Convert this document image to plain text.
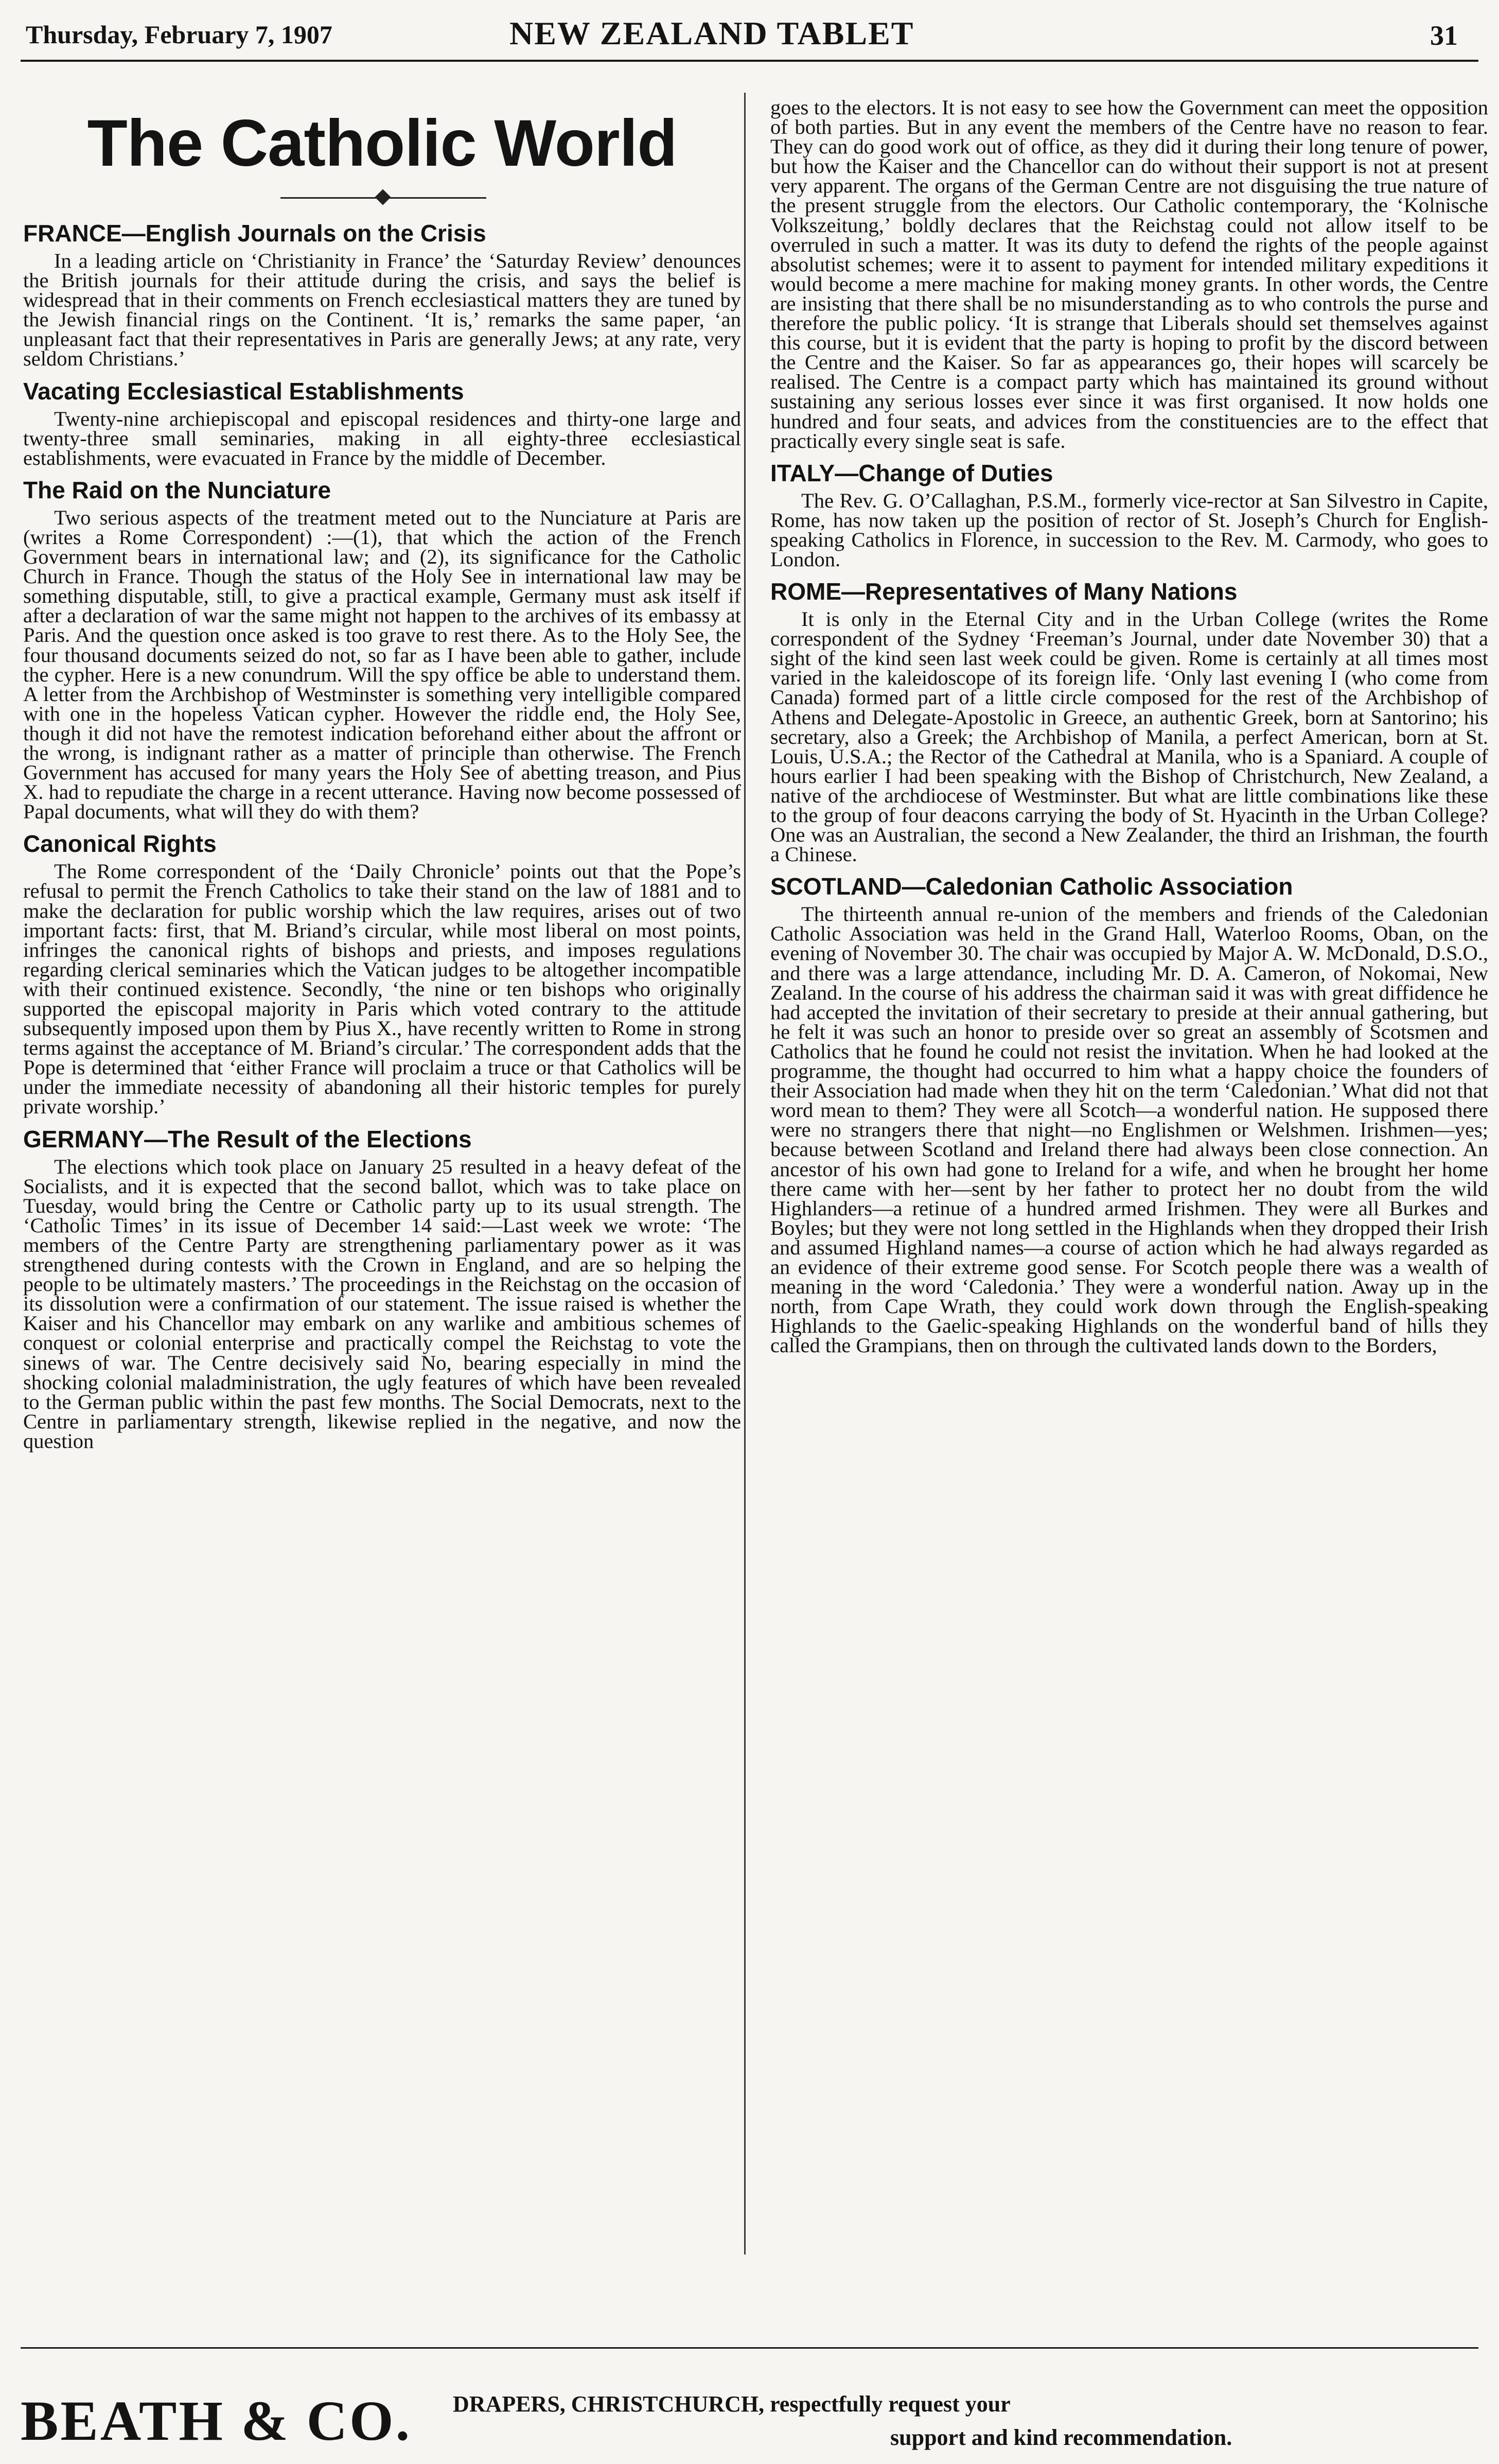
Thursday, February 7, 1907	NEW ZEALAND TABLET	31
The Catholic World
FRANCE—English Journals on the Crisis

In a leading article on ‘Christianity in France’ the ‘Saturday Review’ denounces the British journals for their attitude during the crisis, and says the belief is widespread that in their comments on French ecclesiastical matters they are tuned by the Jewish financial rings on the Continent. ‘It is,’ remarks the same paper, ‘an unpleasant fact that their representatives in Paris are generally Jews; at any rate, very seldom Christians.’

Vacating Ecclesiastical Establishments

Twenty-nine archiepiscopal and episcopal residences and thirty-one large and twenty-three small seminaries, making in all eighty-three ecclesiastical establishments, were evacuated in France by the middle of December.

The Raid on the Nunciature

Two serious aspects of the treatment meted out to the Nunciature at Paris are (writes a Rome Correspondent) :—(1), that which the action of the French Government bears in international law; and (2), its significance for the Catholic Church in France. Though the status of the Holy See in international law may be something disputable, still, to give a practical example, Germany must ask itself if after a declaration of war the same might not happen to the archives of its embassy at Paris. And the question once asked is too grave to rest there. As to the Holy See, the four thousand documents seized do not, so far as I have been able to gather, include the cypher. Here is a new conundrum. Will the spy office be able to understand them. A letter from the Archbishop of Westminster is something very intelligible compared with one in the hopeless Vatican cypher. However the riddle end, the Holy See, though it did not have the remotest indication beforehand either about the affront or the wrong, is indignant rather as a matter of principle than otherwise. The French Government has accused for many years the Holy See of abetting treason, and Pius X. had to repudiate the charge in a recent utterance. Having now become possessed of Papal documents, what will they do with them?

Canonical Rights

The Rome correspondent of the ‘Daily Chronicle’ points out that the Pope’s refusal to permit the French Catholics to take their stand on the law of 1881 and to make the declaration for public worship which the law requires, arises out of two important facts: first, that M. Briand’s circular, while most liberal on most points, infringes the canonical rights of bishops and priests, and imposes regulations regarding clerical seminaries which the Vatican judges to be altogether incompatible with their continued existence. Secondly, ‘the nine or ten bishops who originally supported the episcopal majority in Paris which voted contrary to the attitude subsequently imposed upon them by Pius X., have recently written to Rome in strong terms against the acceptance of M. Briand’s circular.’ The correspondent adds that the Pope is determined that ‘either France will proclaim a truce or that Catholics will be under the immediate necessity of abandoning all their historic temples for purely private worship.’

GERMANY—The Result of the Elections

The elections which took place on January 25 resulted in a heavy defeat of the Socialists, and it is expected that the second ballot, which was to take place on Tuesday, would bring the Centre or Catholic party up to its usual strength. The ‘Catholic Times’ in its issue of December 14 said:—Last week we wrote: ‘The members of the Centre Party are strengthening parliamentary power as it was strengthened during contests with the Crown in England, and are so helping the people to be ultimately masters.’ The proceedings in the Reichstag on the occasion of its dissolution were a confirmation of our statement. The issue raised is whether the Kaiser and his Chancellor may embark on any warlike and ambitious schemes of conquest or colonial enterprise and practically compel the Reichstag to vote the sinews of war. The Centre decisively said No, bearing especially in mind the shocking colonial maladministration, the ugly features of which have been revealed to the German public within the past few months. The Social Democrats, next to the Centre in parliamentary strength, likewise replied in the negative, and now the question

goes to the electors. It is not easy to see how the Government can meet the opposition of both parties. But in any event the members of the Centre have no reason to fear. They can do good work out of office, as they did it during their long tenure of power, but how the Kaiser and the Chancellor can do without their support is not at present very apparent. The organs of the German Centre are not disguising the true nature of the present struggle from the electors. Our Catholic contemporary, the ‘Kolnische Volkszeitung,’ boldly declares that the Reichstag could not allow itself to be overruled in such a matter. It was its duty to defend the rights of the people against absolutist schemes; were it to assent to payment for intended military expeditions it would become a mere machine for making money grants. In other words, the Centre are insisting that there shall be no misunderstanding as to who controls the purse and therefore the public policy. ‘It is strange that Liberals should set themselves against this course, but it is evident that the party is hoping to profit by the discord between the Centre and the Kaiser. So far as appearances go, their hopes will scarcely be realised. The Centre is a compact party which has maintained its ground without sustaining any serious losses ever since it was first organised. It now holds one hundred and four seats, and advices from the constituencies are to the effect that practically every single seat is safe.

ITALY—Change of Duties

The Rev. G. O’Callaghan, P.S.M., formerly vice-rector at San Silvestro in Capite, Rome, has now taken up the position of rector of St. Joseph’s Church for English-speaking Catholics in Florence, in succession to the Rev. M. Carmody, who goes to London.

ROME—Representatives of Many Nations

It is only in the Eternal City and in the Urban College (writes the Rome correspondent of the Sydney ‘Freeman’s Journal, under date November 30) that a sight of the kind seen last week could be given. Rome is certainly at all times most varied in the kaleidoscope of its foreign life. ‘Only last evening I (who come from Canada) formed part of a little circle composed for the rest of the Archbishop of Athens and Delegate-Apostolic in Greece, an authentic Greek, born at Santorino; his secretary, also a Greek; the Archbishop of Manila, a perfect American, born at St. Louis, U.S.A.; the Rector of the Cathedral at Manila, who is a Spaniard. A couple of hours earlier I had been speaking with the Bishop of Christchurch, New Zealand, a native of the archdiocese of Westminster. But what are little combinations like these to the group of four deacons carrying the body of St. Hyacinth in the Urban College? One was an Australian, the second a New Zealander, the third an Irishman, the fourth a Chinese.

SCOTLAND—Caledonian Catholic Association

The thirteenth annual re-union of the members and friends of the Caledonian Catholic Association was held in the Grand Hall, Waterloo Rooms, Oban, on the evening of November 30. The chair was occupied by Major A. W. McDonald, D.S.O., and there was a large attendance, including Mr. D. A. Cameron, of Nokomai, New Zealand. In the course of his address the chairman said it was with great diffidence he had accepted the invitation of their secretary to preside at their annual gathering, but he felt it was such an honor to preside over so great an assembly of Scotsmen and Catholics that he found he could not resist the invitation. When he had looked at the programme, the thought had occurred to him what a happy choice the founders of their Association had made when they hit on the term ‘Caledonian.’ What did not that word mean to them? They were all Scotch—a wonderful nation. He supposed there were no strangers there that night—no Englishmen or Welshmen. Irishmen—yes; because between Scotland and Ireland there had always been close connection. An ancestor of his own had gone to Ireland for a wife, and when he brought her home there came with her—sent by her father to protect her no doubt from the wild Highlanders—a retinue of a hundred armed Irishmen. They were all Burkes and Boyles; but they were not long settled in the Highlands when they dropped their Irish and assumed Highland names—a course of action which he had always regarded as an evidence of their extreme good sense. For Scotch people there was a wealth of meaning in the word ‘Caledonia.’ They were a wonderful nation. Away up in the north, from Cape Wrath, they could work down through the English-speaking Highlands to the Gaelic-speaking Highlands on the wonderful band of hills they called the Grampians, then on through the cultivated lands down to the Borders,

BEATH & CO. DRAPERS, CHRISTCHURCH, respectfully request your
support and kind recommendation.
